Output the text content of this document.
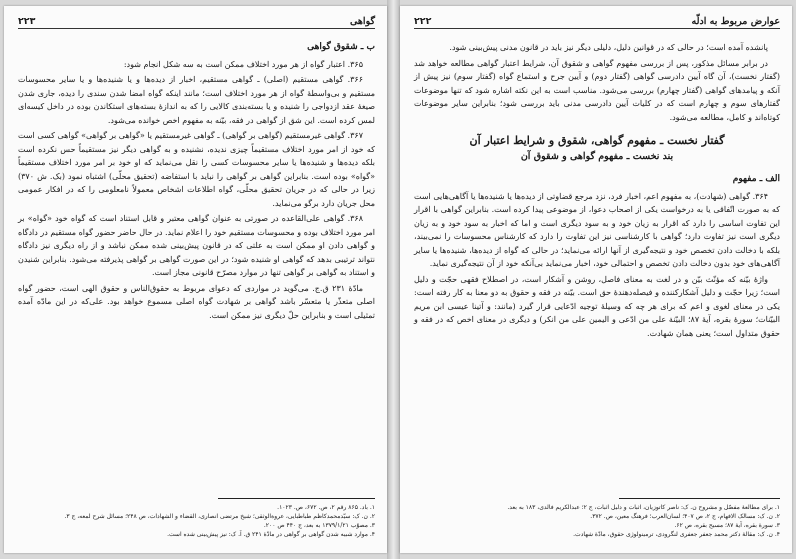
گواهی
۲۲۳
ب ـ شقوق گواهی

۳۶۵. اعتبار گواه از هر مورد اختلاف ممکن است به سه شکل انجام شود:

۳۶۶. گواهی مستقیم (اصلی) ـ گواهی مستقیم، اخبار از دیده‌ها و یا شنیده‌ها و یا سایر محسوسات مستقیم و بی‌واسطهٔ گواه از هر مورد اختلاف است؛ مانند اینکه گواه امضا شدن سندی را دیده، جاری شدن صیغهٔ عقد ازدواجی را شنیده و یا بسته‌بندی کالایی را که به اندازهٔ بسته‌های استکاندن بوده در داخل کیسه‌ای لمس کرده است. این شق از گواهی در فقه، بیّنه به مفهوم اخص خوانده می‌شود.

۳۶۷. گواهی غیرمستقیم (گواهی بر گواهی) ـ گواهی غیرمستقیم یا «گواهی بر گواهی» گواهی کسی است که خود از امر مورد اختلاف مستقیماً چیزی ندیده، نشنیده و به گواهی دیگر نیز مستقیماً حس نکرده است بلکه دیده‌ها و شنیده‌ها یا سایر محسوسات کسی را نقل می‌نماید که او خود بر امر مورد اختلاف مستقیماً «گواه» بوده است. بنابراین گواهی بر گواهی را نباید با استفاضه (تحقیق محلّی) اشتباه نمود (بک. ش ۳۷۰) زیرا در حالی که در جریان تحقیق محلّی، گواه اطلاعات اشخاص معمولاً نامعلومی را که در افکار عمومی محل جریان دارد برگو می‌نماید.

۳۶۸. گواهی علی‌القاعده در صورتی به عنوان گواهی معتبر و قابل استناد است که گواه خود «گواه» بر امر مورد اختلاف بوده و محسوسات مستقیم خود را اعلام نماید. در حال حاضر حضور گواه مستقیم در دادگاه و گواهی دادن او ممکن است به علتی که در قانون پیش‌بینی شده ممکن نباشد و از راه دیگری نیز دادگاه نتواند ترتیبی بدهد که گواهی او شنیده شود؛ در این صورت گواهی بر گواهی پذیرفته می‌شود. بنابراین شنیدن و استناد به گواهی بر گواهی تنها در موارد مصرّح قانونی مجاز است.

مادّهٔ ۲۳۱ ق.ج. می‌گوید در مواردی که دعوای مربوط به حقوق‌الناس و حقوق الهی است، حضور گواه اصلی متعذّر یا متعسّر باشد گواهی بر شهادت گواه اصلی مسموع خواهد بود. علی‌که در این مادّه آمده تمثیلی است و بنابراین حلّ دیگری نیز ممکن است.

۱. باد. ۸۶۵ رقم ۲، ص. ۶۷۲، ص. ۱۰۲۳.

۲. ن. ک: سیّدمحمدکاظم طباطبایی، عروة‌الوثقی؛ شیخ مرتضی انصاری، القضاء و الشهادات، ص ۲۴۸؛ مسائل شرح لمعه، ج ۳.

۳. مصوّب ۱۳۷۹/۱/۲۱ به بعد، ج ۴۴۰ ص ۲۰۰.

۴. موارد شبیه شدن گواهی بر گواهی در مادّهٔ ۲۴۱ ق. آ. ک: نیز پیش‌بینی شده است.

عوارض مربوط به ادلّه
۲۲۲

پانشده آمده است؛ در حالی که در قوانین دلیل، دلیلی دیگر نیز باید در قانون مدنی پیش‌بینی شود.

در برابر مسائل مذکور، پس از بررسی مفهوم گواهی و شقوق آن، شرایط اعتبار گواهی مطالعه خواهد شد (گفتار نخست)، آن گاه آیین دادرسی گواهی (گفتار دوم) و آیین جرح و استماع گواه (گفتار سوم) نیز پیش از آنکه و پیامدهای گواهی (گفتار چهارم) بررسی می‌شود. مناسب است به این نکته اشاره شود که تنها موضوعات گفتارهای سوم و چهارم است که در کلیات آیین دادرسی مدنی باید بررسی شود؛ بنابراین سایر موضوعات کوتاه‌اند و کامل، مطالعه می‌شود.

گفتار نخست ـ مفهوم گواهی، شقوق و شرایط اعتبار آن
بند نخست ـ مفهوم گواهی و شقوق آن
الف ـ مفهوم

۳۶۴. گواهی (شهادت)، به مفهوم اعم، اخبار فرد، نزد مرجع قضاوتی از دیده‌ها یا شنیده‌ها یا آگاهی‌هایی است که به صورت اتّفاقی یا به درخواست یکی از اصحاب دعوا، از موضوعی پیدا کرده است. بنابراین گواهی با اقرار این تفاوت اساسی را دارد که اقرار به زیان خود و به سود دیگری است و اما که اخبار به سود خود و به زیان دیگری است نیز تفاوت دارد؛ گواهی با کارشناسی نیز این تفاوت را دارد که کارشناس محسوسات را نمی‌بیند، بلکه با دخالت دادن تخصص خود و نتیجه‌گیری از آنها ارائه می‌نماید؛ در حالی که گواه از دیده‌ها، شنیده‌ها یا سایر آگاهی‌های خود بدون دخالت دادن تخصص و احتمالی خود، اخبار می‌نماید بی‌آنکه خود از آن نتیجه‌گیری نماید.

واژهٔ بیّنه که مؤنّث بیّن و در لغت به معنای فاصل، روشن و آشکار است، در اصطلاح فقهی حجّت و دلیل است؛ زیرا حجّت و دلیل آشکارکننده و فیصله‌دهندهٔ حق است. بیّنه در فقه و حقوق به دو معنا به کار رفته است: یکی در معنای لغوی و اعم که برای هر چه که وسیلهٔ توجیه ادّعایی قرار گیرد (مانند: و آتینا عیسی ابن مریم البیّنات؛ سورهٔ بقره، آیهٔ ۸۷؛ البیّنة علی من ادّعی و الیمین علی من انکر) و دیگری در معنای اخص که در فقه و حقوق متداول است؛ یعنی همان شهادت.

۱. برای مطالعهٔ مفصّل و مشروح ن. ک: ناصر کاتوزیان، اثبات و دلیل اثبات، ج ۲؛ عبدالکریم فالدی، ۱۸۳ به بعد.

۲. ن. ک: مسالک الافهام، ج ۲، ص ۴۰۷؛ لسان‌العرب؛ فرهنگ معین، ص. ۳۷۲.

۳. سورهٔ بقره، آیهٔ ۸۷؛ مسیح بقره، ص ۶۲.

۴. ن. ک: مقالهٔ دکتر محمد جعفر جعفری لنگرودی، ترمینولوژی حقوق، مادّهٔ شهادت.
